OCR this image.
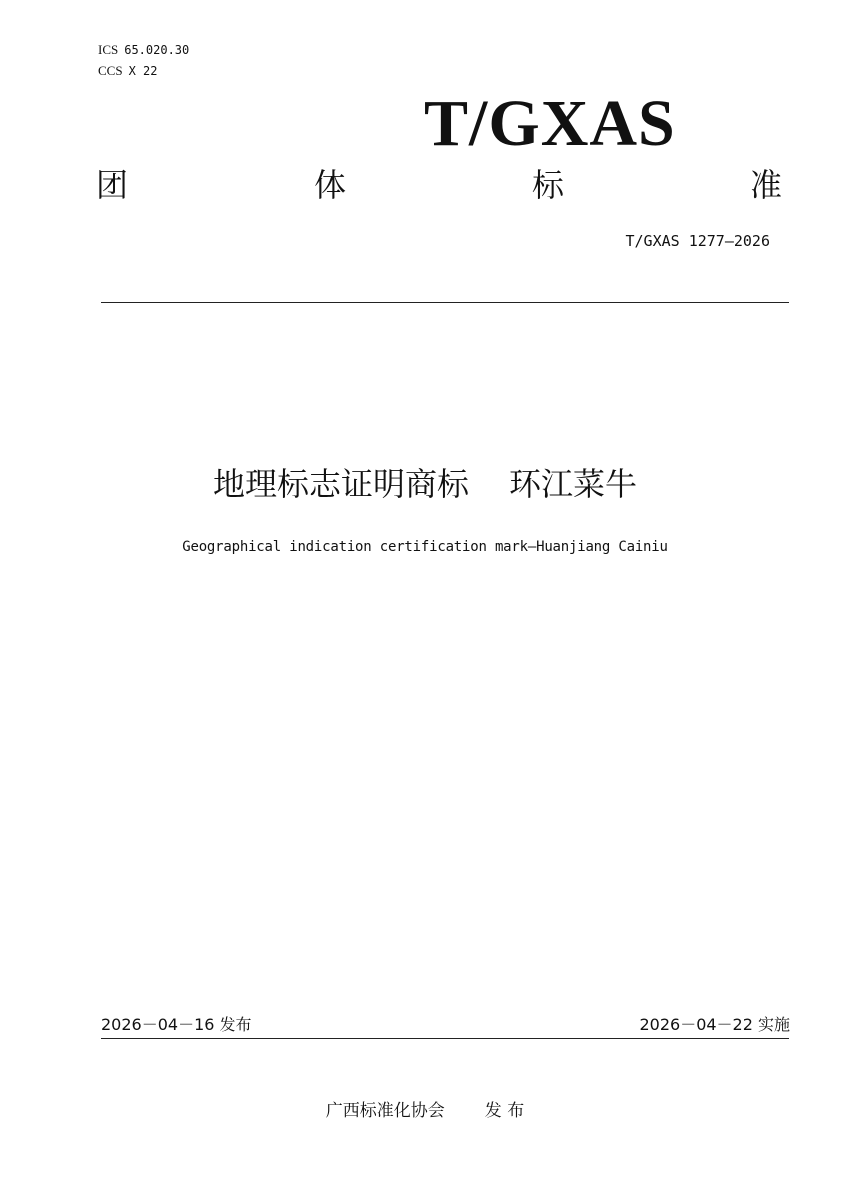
ICS 65.020.30
CCS X 22
T/GXAS
团	体	标	准
T/GXAS 1277—2026
地理标志证明商标 环江菜牛
Geographical indication certification mark—Huanjiang Cainiu
2026－04－16 发布	2026－04－22 实施
广西标准化协会 发 布
